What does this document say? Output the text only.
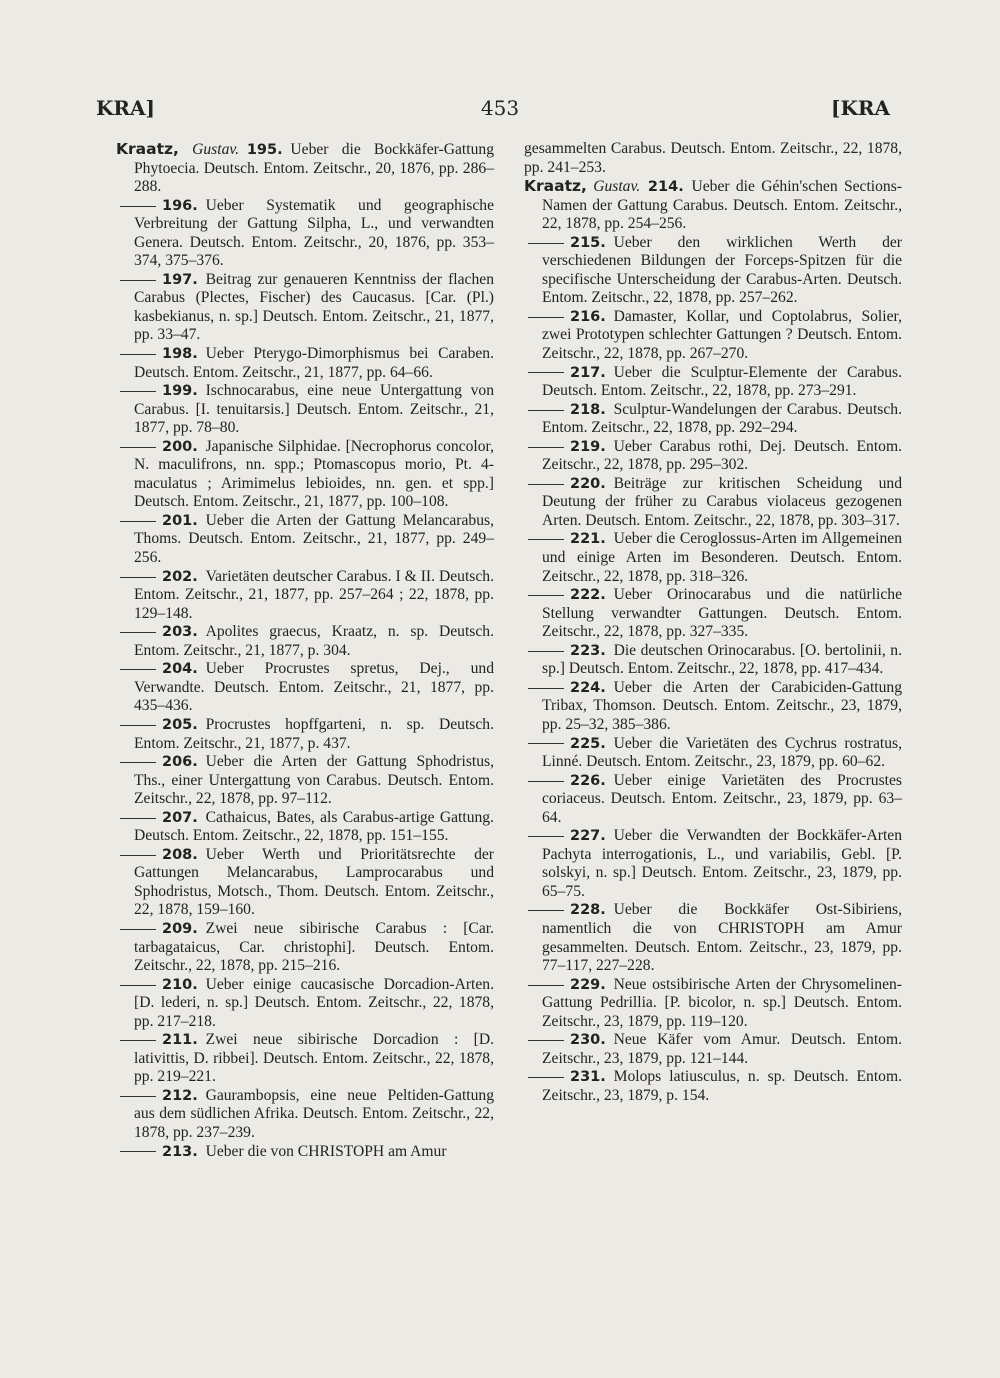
KRA]	453	[KRA

Kraatz, Gustav.  195.  Ueber die Bockkäfer-Gattung Phytoecia. Deutsch. Entom. Zeitschr., 20, 1876, pp. 286–288.

196.  Ueber Systematik und geographische Verbreitung der Gattung Silpha, L., und verwandten Genera. Deutsch. Entom. Zeitschr., 20, 1876, pp. 353–374, 375–376.

197.  Beitrag zur genaueren Kenntniss der flachen Carabus (Plectes, Fischer) des Caucasus. [Car. (Pl.) kasbekianus, n. sp.] Deutsch. Entom. Zeitschr., 21, 1877, pp. 33–47.

198.  Ueber Pterygo-Dimorphismus bei Caraben. Deutsch. Entom. Zeitschr., 21, 1877, pp. 64–66.

199.  Ischnocarabus, eine neue Untergattung von Carabus. [I. tenuitarsis.] Deutsch. Entom. Zeitschr., 21, 1877, pp. 78–80.

200.  Japanische Silphidae. [Necrophorus concolor, N. maculifrons, nn. spp.; Ptomascopus morio, Pt. 4-maculatus ; Arimimelus lebioides, nn. gen. et spp.] Deutsch. Entom. Zeitschr., 21, 1877, pp. 100–108.

201.  Ueber die Arten der Gattung Melancarabus, Thoms. Deutsch. Entom. Zeitschr., 21, 1877, pp. 249–256.

202.  Varietäten deutscher Carabus. I & II. Deutsch. Entom. Zeitschr., 21, 1877, pp. 257–264 ; 22, 1878, pp. 129–148.

203.  Apolites graecus, Kraatz, n. sp. Deutsch. Entom. Zeitschr., 21, 1877, p. 304.

204.  Ueber Procrustes spretus, Dej., und Verwandte. Deutsch. Entom. Zeitschr., 21, 1877, pp. 435–436.

205.  Procrustes hopffgarteni, n. sp. Deutsch. Entom. Zeitschr., 21, 1877, p. 437.

206.  Ueber die Arten der Gattung Sphodristus, Ths., einer Untergattung von Carabus. Deutsch. Entom. Zeitschr., 22, 1878, pp. 97–112.

207.  Cathaicus, Bates, als Carabus-artige Gattung. Deutsch. Entom. Zeitschr., 22, 1878, pp. 151–155.

208.  Ueber Werth und Prioritätsrechte der Gattungen Melancarabus, Lamprocarabus und Sphodristus, Motsch., Thom. Deutsch. Entom. Zeitschr., 22, 1878, 159–160.

209.  Zwei neue sibirische Carabus : [Car. tarbagataicus, Car. christophi]. Deutsch. Entom. Zeitschr., 22, 1878, pp. 215–216.

210.  Ueber einige caucasische Dorcadion-Arten. [D. lederi, n. sp.] Deutsch. Entom. Zeitschr., 22, 1878, pp. 217–218.

211.  Zwei neue sibirische Dorcadion : [D. lativittis, D. ribbei]. Deutsch. Entom. Zeitschr., 22, 1878, pp. 219–221.

212.  Gaurambopsis, eine neue Peltiden-Gattung aus dem südlichen Afrika. Deutsch. Entom. Zeitschr., 22, 1878, pp. 237–239.

213.  Ueber die von CHRISTOPH am Amur

gesammelten Carabus. Deutsch. Entom. Zeitschr., 22, 1878, pp. 241–253.

Kraatz, Gustav.  214.  Ueber die Géhin'schen Sections-Namen der Gattung Carabus. Deutsch. Entom. Zeitschr., 22, 1878, pp. 254–256.

215.  Ueber den wirklichen Werth der verschiedenen Bildungen der Forceps-Spitzen für die specifische Unterscheidung der Carabus-Arten. Deutsch. Entom. Zeitschr., 22, 1878, pp. 257–262.

216.  Damaster, Kollar, und Coptolabrus, Solier, zwei Prototypen schlechter Gattungen ? Deutsch. Entom. Zeitschr., 22, 1878, pp. 267–270.

217.  Ueber die Sculptur-Elemente der Carabus. Deutsch. Entom. Zeitschr., 22, 1878, pp. 273–291.

218.  Sculptur-Wandelungen der Carabus. Deutsch. Entom. Zeitschr., 22, 1878, pp. 292–294.

219.  Ueber Carabus rothi, Dej. Deutsch. Entom. Zeitschr., 22, 1878, pp. 295–302.

220.  Beiträge zur kritischen Scheidung und Deutung der früher zu Carabus violaceus gezogenen Arten. Deutsch. Entom. Zeitschr., 22, 1878, pp. 303–317.

221.  Ueber die Ceroglossus-Arten im Allgemeinen und einige Arten im Besonderen. Deutsch. Entom. Zeitschr., 22, 1878, pp. 318–326.

222.  Ueber Orinocarabus und die natürliche Stellung verwandter Gattungen. Deutsch. Entom. Zeitschr., 22, 1878, pp. 327–335.

223.  Die deutschen Orinocarabus. [O. bertolinii, n. sp.] Deutsch. Entom. Zeitschr., 22, 1878, pp. 417–434.

224.  Ueber die Arten der Carabiciden-Gattung Tribax, Thomson. Deutsch. Entom. Zeitschr., 23, 1879, pp. 25–32, 385–386.

225.  Ueber die Varietäten des Cychrus rostratus, Linné. Deutsch. Entom. Zeitschr., 23, 1879, pp. 60–62.

226.  Ueber einige Varietäten des Procrustes coriaceus. Deutsch. Entom. Zeitschr., 23, 1879, pp. 63–64.

227.  Ueber die Verwandten der Bockkäfer-Arten Pachyta interrogationis, L., und variabilis, Gebl. [P. solskyi, n. sp.] Deutsch. Entom. Zeitschr., 23, 1879, pp. 65–75.

228.  Ueber die Bockkäfer Ost-Sibiriens, namentlich die von CHRISTOPH am Amur gesammelten. Deutsch. Entom. Zeitschr., 23, 1879, pp. 77–117, 227–228.

229.  Neue ostsibirische Arten der Chrysomelinen-Gattung Pedrillia. [P. bicolor, n. sp.] Deutsch. Entom. Zeitschr., 23, 1879, pp. 119–120.

230.  Neue Käfer vom Amur. Deutsch. Entom. Zeitschr., 23, 1879, pp. 121–144.

231.  Molops latiusculus, n. sp. Deutsch. Entom. Zeitschr., 23, 1879, p. 154.
